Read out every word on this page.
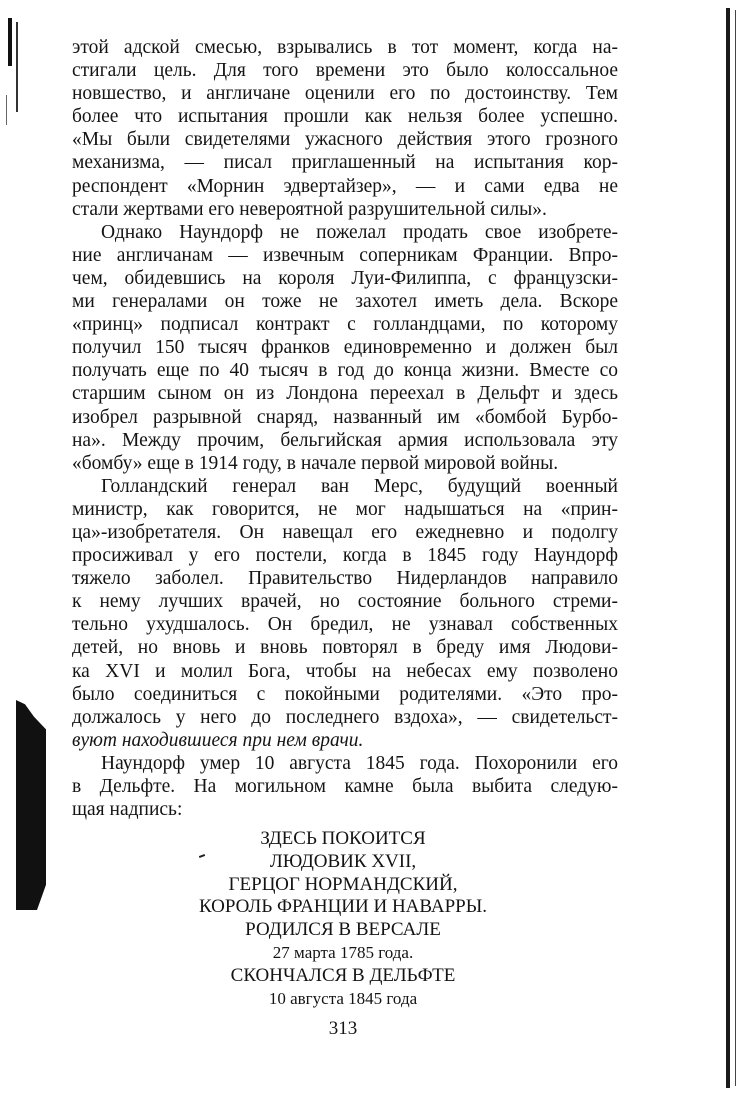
этой адской смесью, взрывались в тот момент, когда на-
стигали цель. Для того времени это было колоссальное
новшество, и англичане оценили его по достоинству. Тем
более что испытания прошли как нельзя более успешно.
«Мы были свидетелями ужасного действия этого грозного
механизма, — писал приглашенный на испытания кор-
респондент «Морнин эдвертайзер», — и сами едва не
стали жертвами его невероятной разрушительной силы».
Однако Наундорф не пожелал продать свое изобрете-
ние англичанам — извечным соперникам Франции. Впро-
чем, обидевшись на короля Луи-Филиппа, с французски-
ми генералами он тоже не захотел иметь дела. Вскоре
«принц» подписал контракт с голландцами, по которому
получил 150 тысяч франков единовременно и должен был
получать еще по 40 тысяч в год до конца жизни. Вместе со
старшим сыном он из Лондона переехал в Дельфт и здесь
изобрел разрывной снаряд, названный им «бомбой Бурбо-
на». Между прочим, бельгийская армия использовала эту
«бомбу» еще в 1914 году, в начале первой мировой войны.
Голландский генерал ван Мерс, будущий военный
министр, как говорится, не мог надышаться на «прин-
ца»-изобретателя. Он навещал его ежедневно и подолгу
просиживал у его постели, когда в 1845 году Наундорф
тяжело заболел. Правительство Нидерландов направило
к нему лучших врачей, но состояние больного стреми-
тельно ухудшалось. Он бредил, не узнавал собственных
детей, но вновь и вновь повторял в бреду имя Людови-
ка XVI и молил Бога, чтобы на небесах ему позволено
было соединиться с покойными родителями. «Это про-
должалось у него до последнего вздоха», — свидетельст-
вуют находившиеся при нем врачи.
Наундорф умер 10 августа 1845 года. Похоронили его
в Дельфте. На могильном камне была выбита следую-
щая надпись:
ЗДЕСЬ ПОКОИТСЯ
ЛЮДОВИК XVII,
ГЕРЦОГ НОРМАНДСКИЙ,
КОРОЛЬ ФРАНЦИИ И НАВАРРЫ.
РОДИЛСЯ В ВЕРСАЛЕ
27 марта 1785 года.
СКОНЧАЛСЯ В ДЕЛЬФТЕ
10 августа 1845 года
313
